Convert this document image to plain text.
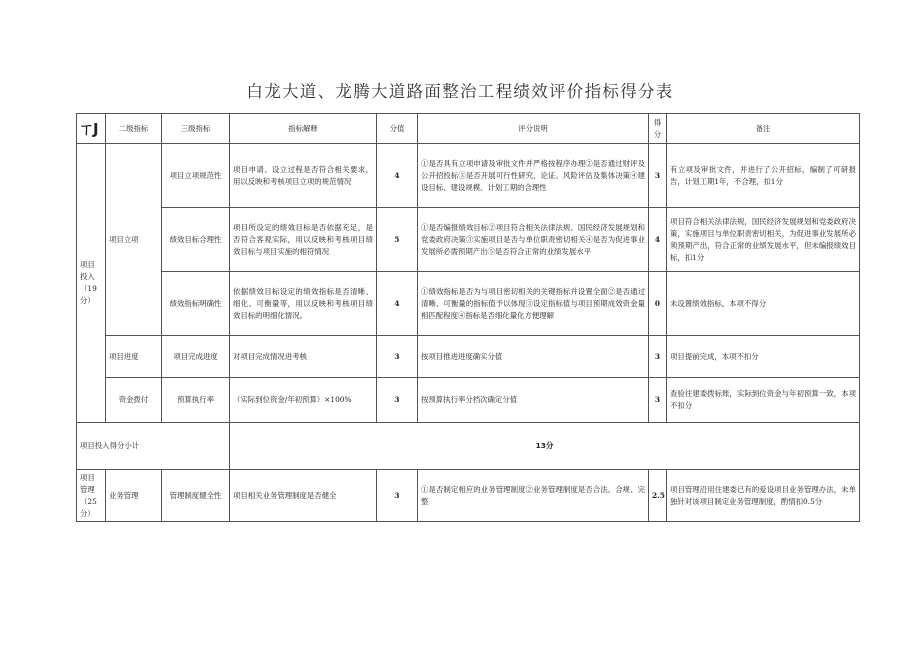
白龙大道、龙腾大道路面整治工程绩效评价指标得分表
ㄒJ	二级指标	三级指标	指标解释	分值	评分说明	得分	备注
项目投入（19分）	项目立项	项目立项规范性	项目申请、设立过程是否符合相关要求，用以反映和考核项目立项的规范情况	4	①是否具有立项申请及审批文件并严格按程序办理②是否通过财评及公开招投标③是否开展可行性研究、论证、风险评估及集体决策④建设目标、建设规模、计划工期的合理性	3	有立项及审批文件，并进行了公开招标，编制了可研报告，计划工期1年，不合理，扣1分
		绩效目标合理性	项目所设定的绩效目标是否依据充足，是否符合客观实际，用以反映和考核项目绩效目标与项目实施的相符情况	5	①是否编报绩效目标②项目符合相关法律法规、国民经济发展规划和党委政府决策③实施项目是否与单位职责密切相关④是否为促进事业发展所必需预期产出⑤是否符合正常的业绩发展水平	4	项目符合相关法律法规，国民经济发展规划和党委政府决策，实施项目与单位职责密切相关，为促进事业发展所必须预期产出，符合正常的业绩发展水平，但未编报绩效目标，扣1分
		绩效指标明确性	依据绩效目标设定的绩效指标是否清晰、细化、可衡量等，用以反映和考核项目绩效目标的明细化情况。	4	①绩效指标是否为与项目密切相关的关键指标并设置全面②是否通过清晰、可衡量的指标值予以体现③设定指标值与项目预期成效资金量相匹配程度④指标是否细化量化方便理解	0	未设置绩效指标，本项不得分
	项目进度	项目完成进度	对项目完成情况进考核	3	按项目推进进度确实分值	3	项目提前完成，本项不扣分
	资金拨付	预算执行率	（实际到位资金/年初预算）×100%	3	按预算执行率分档次确定分值	3	查验往建委拨标账，实际到位资金与年初预算一致，本项不扣分
项目投入得分小计			13分				
项目管理（25分）	业务管理	管理制度健全性	项目相关业务管理制度是否健全	3	①是否制定相应的业务管理制度②业务管理制度是否合法、合规、完整	2.5	项目管理沿用住建委已有的爱设项目业务管理办法，未单独针对该项目制定业务管理制度，酌情扣0.5分
